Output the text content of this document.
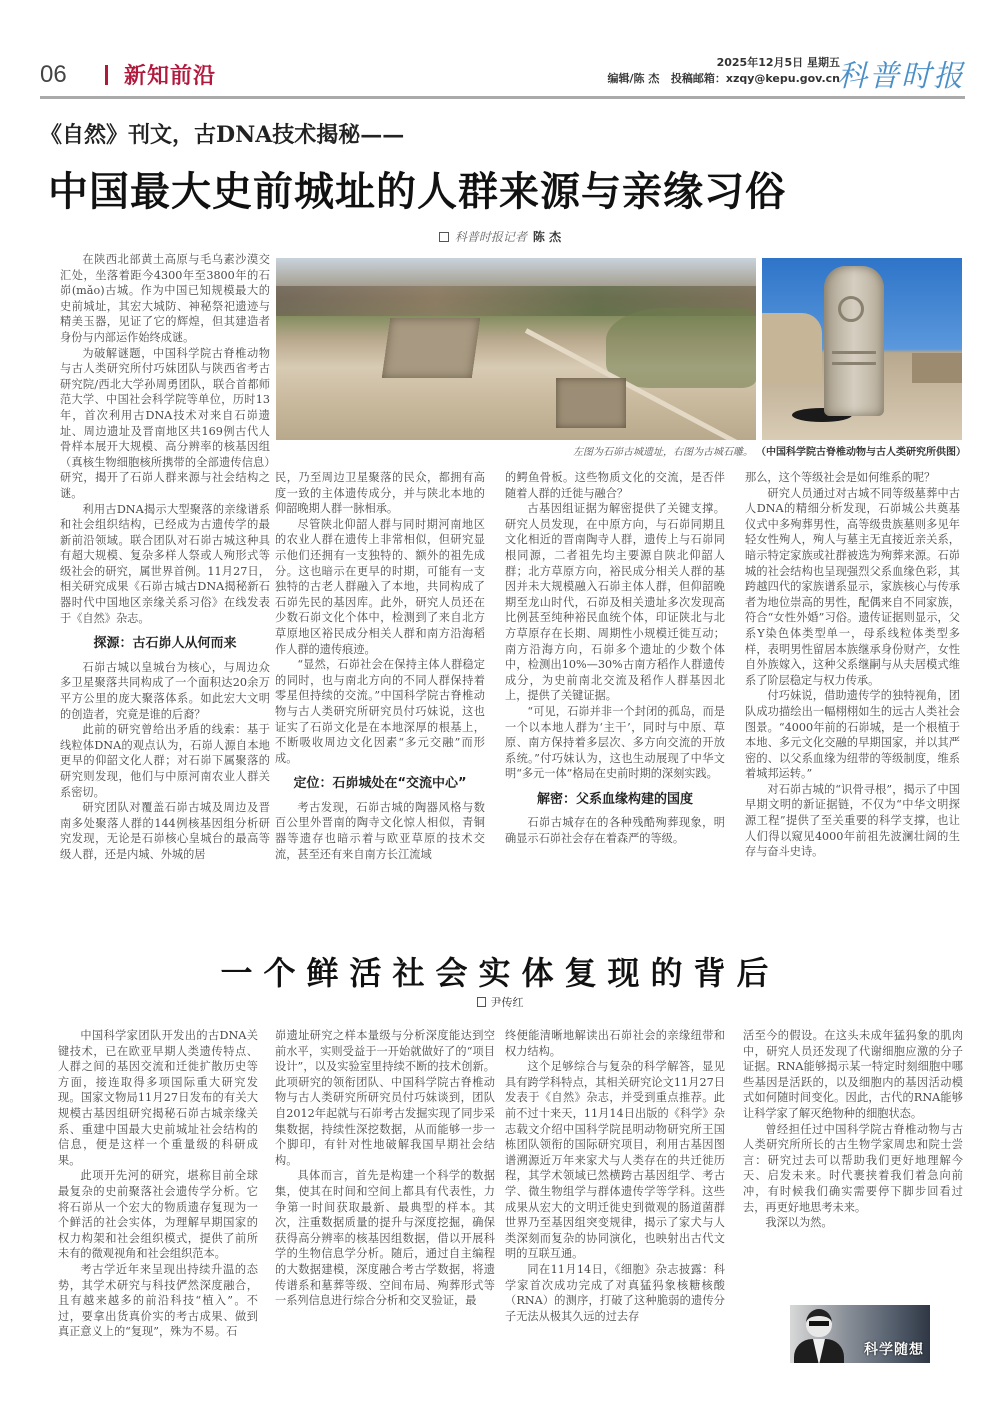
06	新知前沿
2025年12月5日 星期五
编辑/陈 杰 投稿邮箱：xzqy@kepu.gov.cn
科普时报
《自然》刊文，古DNA技术揭秘——
中国最大史前城址的人群来源与亲缘习俗
科普时报记者 陈 杰
左图为石峁古城遗址，右图为古城石雕。 （中国科学院古脊椎动物与古人类研究所供图）

在陕西北部黄土高原与毛乌素沙漠交汇处，坐落着距今4300年至3800年的石峁(mǎo)古城。作为中国已知规模最大的史前城址，其宏大城防、神秘祭祀遗迹与精美玉器，见证了它的辉煌，但其建造者身份与内部运作始终成谜。

为破解谜题，中国科学院古脊椎动物与古人类研究所付巧妹团队与陕西省考古研究院/西北大学孙周勇团队，联合首都师范大学、中国社会科学院等单位，历时13年，首次利用古DNA技术对来自石峁遗址、周边遗址及晋南地区共169例古代人骨样本展开大规模、高分辨率的核基因组（真核生物细胞核所携带的全部遗传信息）研究，揭开了石峁人群来源与社会结构之谜。

利用古DNA揭示大型聚落的亲缘谱系和社会组织结构，已经成为古遗传学的最新前沿领域。联合团队对石峁古城这种具有超大规模、复杂多样人祭或人殉形式等级社会的研究，属世界首例。11月27日，相关研究成果《石峁古城古DNA揭秘新石器时代中国地区亲缘关系习俗》在线发表于《自然》杂志。

探源：古石峁人从何而来

石峁古城以皇城台为核心，与周边众多卫星聚落共同构成了一个面积达20余万平方公里的庞大聚落体系。如此宏大文明的创造者，究竟是谁的后裔？

此前的研究曾给出矛盾的线索：基于线粒体DNA的观点认为，石峁人源自本地更早的仰韶文化人群；对石峁下属聚落的研究则发现，他们与中原河南农业人群关系密切。

研究团队对覆盖石峁古城及周边及晋南多处聚落人群的144例核基因组分析研究发现，无论是石峁核心皇城台的最高等级人群，还是内城、外城的居

民，乃至周边卫星聚落的民众，都拥有高度一致的主体遗传成分，并与陕北本地的仰韶晚期人群一脉相承。

尽管陕北仰韶人群与同时期河南地区的农业人群在遗传上非常相似，但研究显示他们还拥有一支独特的、额外的祖先成分。这也暗示在更早的时期，可能有一支独特的古老人群融入了本地，共同构成了石峁先民的基因库。此外，研究人员还在少数石峁文化个体中，检测到了来自北方草原地区裕民成分相关人群和南方沿海稻作人群的遗传痕迹。

“显然，石峁社会在保持主体人群稳定的同时，也与南北方向的不同人群保持着零星但持续的交流。”中国科学院古脊椎动物与古人类研究所研究员付巧妹说，这也证实了石峁文化是在本地深厚的根基上，不断吸收周边文化因素“多元交融”而形成。

定位：石峁城处在“交流中心”

考古发现，石峁古城的陶器风格与数百公里外晋南的陶寺文化惊人相似，青铜器等遗存也暗示着与欧亚草原的技术交流，甚至还有来自南方长江流域

的鳄鱼骨板。这些物质文化的交流，是否伴随着人群的迁徙与融合？

古基因组证据为解密提供了关键支撑。研究人员发现，在中原方向，与石峁同期且文化相近的晋南陶寺人群，遗传上与石峁同根同源，二者祖先均主要源自陕北仰韶人群；北方草原方向，裕民成分相关人群的基因并未大规模融入石峁主体人群，但仰韶晚期至龙山时代，石峁及相关遗址多次发现高比例甚至纯种裕民血统个体，印证陕北与北方草原存在长期、周期性小规模迁徙互动；南方沿海方向，石峁多个遗址的少数个体中，检测出10%—30%古南方稻作人群遗传成分，为史前南北交流及稻作人群基因北上，提供了关键证据。

“可见，石峁并非一个封闭的孤岛，而是一个以本地人群为‘主干’，同时与中原、草原、南方保持着多层次、多方向交流的开放系统。”付巧妹认为，这也生动展现了中华文明“多元一体”格局在史前时期的深刻实践。

解密：父系血缘构建的国度

石峁古城存在的各种残酷殉葬现象，明确显示石峁社会存在着森严的等级。

那么，这个等级社会是如何维系的呢？

研究人员通过对古城不同等级墓葬中古人DNA的精细分析发现，石峁城公共奠基仪式中多殉葬男性，高等级贵族墓则多见年轻女性殉人，殉人与墓主无直接近亲关系，暗示特定家族或社群被选为殉葬来源。石峁城的社会结构也呈现强烈父系血缘色彩，其跨越四代的家族谱系显示，家族核心与传承者为地位崇高的男性，配偶来自不同家族，符合“女性外婚”习俗。遗传证据则显示，父系Y染色体类型单一，母系线粒体类型多样，表明男性留居本族继承身份财产，女性自外族嫁入，这种父系继嗣与从夫居模式维系了阶层稳定与权力传承。

付巧妹说，借助遗传学的独特视角，团队成功描绘出一幅栩栩如生的远古人类社会图景。“4000年前的石峁城，是一个根植于本地、多元文化交融的早期国家，并以其严密的、以父系血缘为纽带的等级制度，维系着城邦运转。”

对石峁古城的“识骨寻根”，揭示了中国早期文明的新证据链，不仅为“中华文明探源工程”提供了至关重要的科学支撑，也让人们得以窥见4000年前祖先波澜壮阔的生存与奋斗史诗。

一个鲜活社会实体复现的背后
尹传红

中国科学家团队开发出的古DNA关键技术，已在欧亚早期人类遗传特点、人群之间的基因交流和迁徙扩散历史等方面，接连取得多项国际重大研究发现。国家文物局11月27日发布的有关大规模古基因组研究揭秘石峁古城亲缘关系、重建中国最大史前城址社会结构的信息，便是这样一个重量级的科研成果。

此项开先河的研究，堪称目前全球最复杂的史前聚落社会遗传学分析。它将石峁从一个宏大的物质遗存复现为一个鲜活的社会实体，为理解早期国家的权力构架和社会组织模式，提供了前所未有的微观视角和社会组织范本。

考古学近年来呈现出持续升温的态势，其学术研究与科技俨然深度融合，且有越来越多的前沿科技“植入”。不过，要拿出货真价实的考古成果、做到真正意义上的“复现”，殊为不易。石

峁遗址研究之样本量级与分析深度能达到空前水平，实则受益于一开始就做好了的“项目设计”，以及实验室里持续不断的技术创新。此项研究的领衔团队、中国科学院古脊椎动物与古人类研究所研究员付巧妹谈到，团队自2012年起就与石峁考古发掘实现了同步采集数据，持续性深挖数据，从而能够一步一个脚印，有针对性地破解我国早期社会结构。

具体而言，首先是构建一个科学的数据集，使其在时间和空间上都具有代表性，力争第一时间获取最新、最典型的样本。其次，注重数据质量的提升与深度挖掘，确保获得高分辨率的核基因组数据，借以开展科学的生物信息学分析。随后，通过自主编程的大数据建模，深度融合考古学数据，将遗传谱系和墓葬等级、空间布局、殉葬形式等一系列信息进行综合分析和交叉验证，最

终便能清晰地解读出石峁社会的亲缘纽带和权力结构。

这个足够综合与复杂的科学解答，显见具有跨学科特点，其相关研究论文11月27日发表于《自然》杂志，并受到重点推荐。此前不过十来天，11月14日出版的《科学》杂志载文介绍中国科学院昆明动物研究所王国栋团队领衔的国际研究项目，利用古基因图谱溯源近万年来家犬与人类存在的共迁徙历程，其学术领域已然横跨古基因组学、考古学、微生物组学与群体遗传学等学科。这些成果从宏大的文明迁徙史到微观的肠道菌群世界乃至基因组突变规律，揭示了家犬与人类深刻而复杂的协同演化，也映射出古代文明的互联互通。

同在11月14日，《细胞》杂志披露：科学家首次成功完成了对真猛犸象核糖核酸（RNA）的测序，打破了这种脆弱的遗传分子无法从极其久远的过去存

活至今的假设。在这头未成年猛犸象的肌肉中，研究人员还发现了代谢细胞应激的分子证据。RNA能够揭示某一特定时刻细胞中哪些基因是活跃的，以及细胞内的基因活动模式如何随时间变化。因此，古代的RNA能够让科学家了解灭绝物种的细胞状态。

曾经担任过中国科学院古脊椎动物与古人类研究所所长的古生物学家周忠和院士尝言：研究过去可以帮助我们更好地理解今天、启发未来。时代裹挟着我们着急向前冲，有时候我们确实需要停下脚步回看过去，再更好地思考未来。

我深以为然。

科学随想
